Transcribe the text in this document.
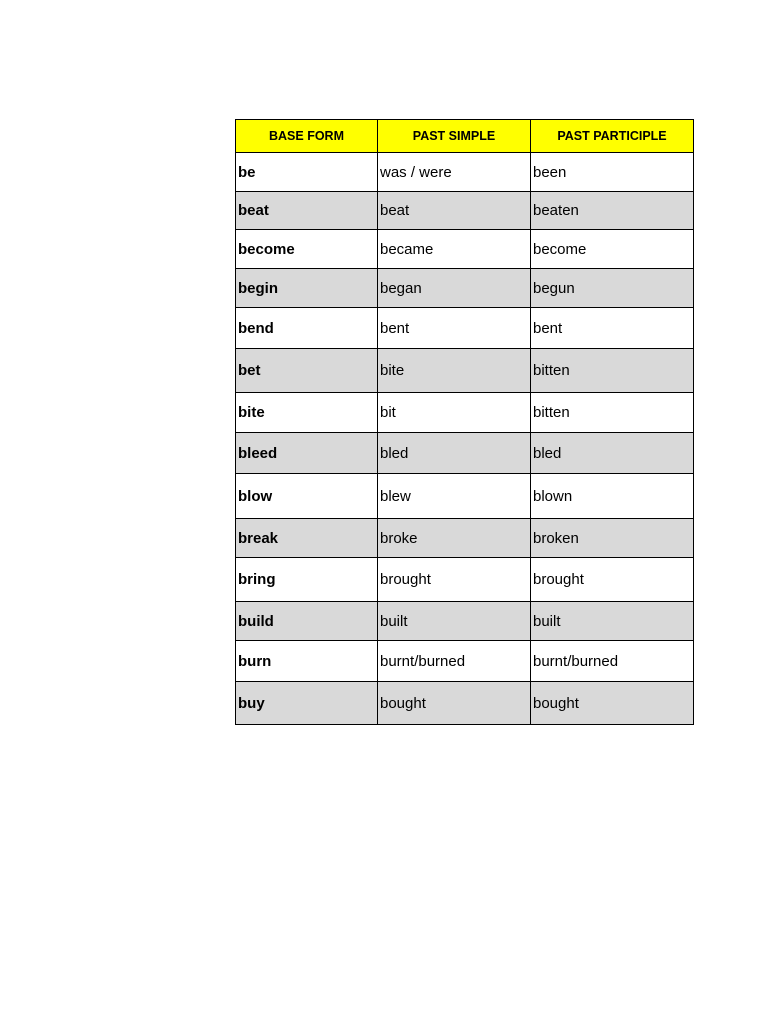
BASE FORM	PAST SIMPLE	PAST PARTICIPLE
be	was / were	been
beat	beat	beaten
become	became	become
begin	began	begun
bend	bent	bent
bet	bite	bitten
bite	bit	bitten
bleed	bled	bled
blow	blew	blown
break	broke	broken
bring	brought	brought
build	built	built
burn	burnt/burned	burnt/burned
buy	bought	bought
